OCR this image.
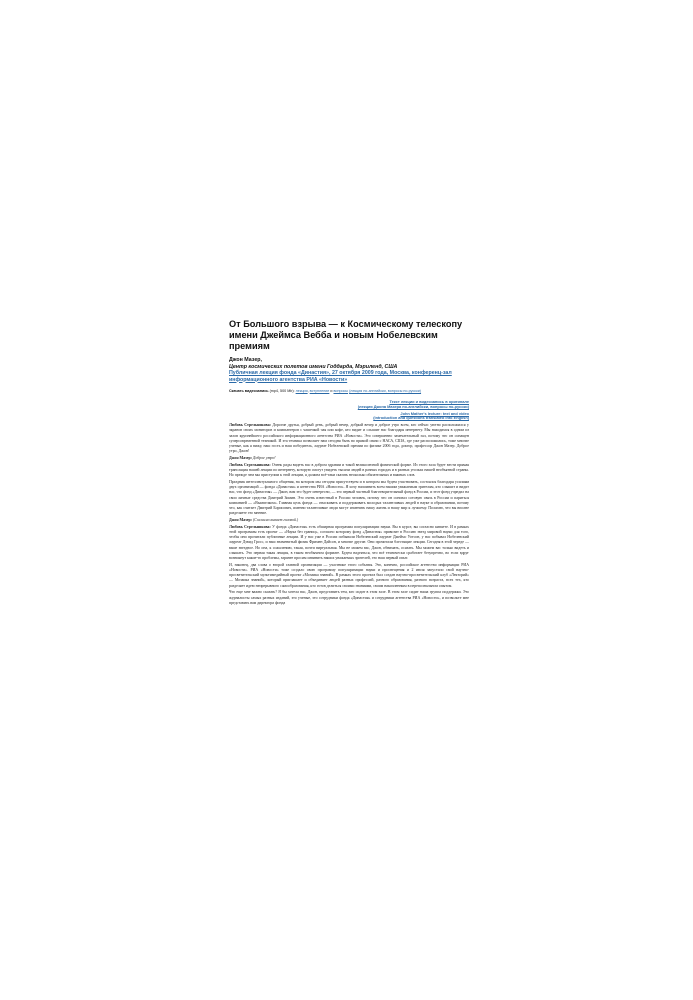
От Большого взрыва — к Космическому телескопу имени Джеймса Вебба и новым Нобелевским премиям
Джон Мазер,
Центр космических полетов имени Годдарда, Мэриленд, США
Публичная лекция фонда «Династия», 27 октября 2009 года, Москва, конференц-зал информационного агентства РИА «Новости»
Скачать видеозапись (mp4, 500 Mb): лекция, вступление и вопросы (лекция по-английски, вопросы по-русски)
Текст лекции и видеозапись в оригинале
(лекция Джона Мазера по-английски, вопросы по-русски)
John Mather's lecture: text and video
(introduction and questions translated into English)

Любовь Стрельникова: Дорогие друзья, добрый день, добрый вечер, добрый вечер и доброе утро всем, кто сейчас уютно расположился у экранов своих мониторов и компьютеров с чашечкой чая или кофе, кто видит и слышит нас благодаря интернету. Мы находимся в одном из залов крупнейшего российского информационного агентства РИА «Новости». Это совершенно замечательный зал, потому что он оснащен суперсовременной техникой. И эта техника позволяет нам сегодня быть во прямой связи с НАСА, США, где уже расположились, тоже многие ученые, как я вижу, наш гость и наш победитель, лауреат Нобелевской премии по физике 2006 года, доктор, профессор Джон Мазер. Доброе утро, Джон!

Джон Мазер: Доброе утро!

Любовь Стрельникова: Очень рады видеть вас в добром здравии и такой великолепной физической форме. Из этого зала будет вести прямая трансляция нашей лекции по интернету, которую смогут увидеть тысячи людей в разных городах и в разных уголках нашей необъятной страны. Но прежде чем мы приступим к этой лекции, я должна всё-таки сказать несколько обязательных и важных слов.

Праздник интеллектуального общения, на котором мы сегодня присутствуем и в котором мы будем участвовать, состоялся благодаря усилиям двух организаций — фонда «Династия» и агентства РИА «Новости». Я хочу напомнить всем нашим уважаемым зрителям, кто слышит и видит нас, что фонд «Династия» — Джон, вам это будет интересно, — это первый частный благотворительный фонд в России, и этот фонд учредил на свои личные средства Дмитрий Зимин. Это очень известный в России человек, потому что он основал сотовую связь в России и париться компанией — «Вымпелком». Главная цель фонда — отыскивать и поддерживать молодых талантливых людей в науке и образовании, потому что, как считает Дмитрий Борисович, именно талантливые люди могут изменить нашу жизнь и нашу мир к лучшему. Полагаю, что вы вполне разделяете это мнение.

Джон Мазер: (Согласно кивает головой.)

Любовь Стрельникова: У фонда «Династия» есть обширная программа популяризации науки. Вы в курсе, вы согласно киваете. И в рамках этой программы есть проект — «Наука без границ», согласно которому фонд «Династия» привозит в Россию звезд мировой науки для того, чтобы они прочитали публичные лекции. И у нас уже в России побывали Нобелевский лауреат Джеймс Уотсон, у нас побывал Нобелевский лауреат Дэвид Гросс, и наш знаменитый физик Фримен Дайсон, и многие другие. Они прочитали блестящие лекции. Сегодня в этой череде — ваше звездное. Но она, к сожалению, такая, почти виртуальная. Мы не можем вас, Джон, обнимать, осязать. Мы можем вас только видеть и слышать. Это первая такая лекция, в таком необычном формате. Будем надеяться, что всё технически сработает безупречно, во если вдруг возникнут какие-то проблемы, заранее просим извинить наших уважаемых зрителей, это наш первый опыт.

И, наконец, два слова о второй главной организации — участнике этого события. Это, конечно, российское агентство информации РИА «Новости». РИА «Новости» тоже создало свою программу популяризации науки и просвещения и 2 июля запустило свой научно-просветительский мультимедийный проект «Мозаика знаний». В рамках этого проекта был создан научно-просветительский клуб «Лекторий» — Мозаика знаний», который приглашает и объединяет людей разных профессий, разного образования, разного возраста, всех тех, кто разделяет идею непрерывного самообразования, кто готов делиться своими знаниями, своим накопленным в переполнальном опытом.

Что еще мне важно сказать? Я бы хотела вас, Джон, представить тем, кто сидит в этом зале. В этом зале сидит наша группа поддержки. Это журналисты самых разных изданий, это ученые, это сотрудники фонда «Династия» и сотрудники агентства РИА «Новости», и позвольте мне представить вам директора фонда
